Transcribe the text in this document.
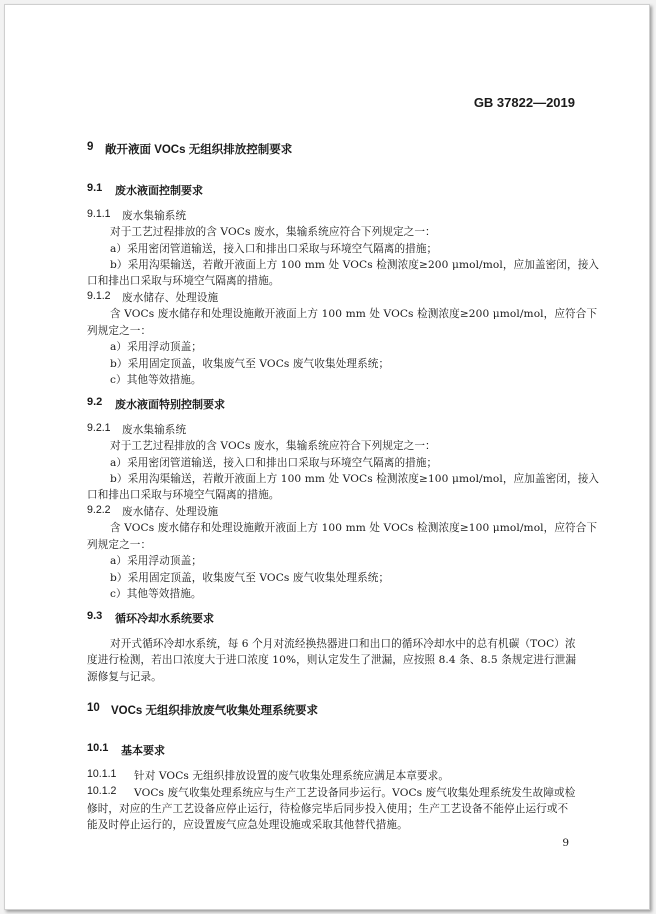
GB 37822—2019
9 敞开液面 VOCs 无组织排放控制要求
9.1 废水液面控制要求
9.1.1 废水集输系统
对于工艺过程排放的含 VOCs 废水，集输系统应符合下列规定之一：
a）采用密闭管道输送，接入口和排出口采取与环境空气隔离的措施；
b）采用沟渠输送，若敞开液面上方 100 mm 处 VOCs 检测浓度≥200 μmol/mol，应加盖密闭，接入
口和排出口采取与环境空气隔离的措施。
9.1.2 废水储存、处理设施
含 VOCs 废水储存和处理设施敞开液面上方 100 mm 处 VOCs 检测浓度≥200 μmol/mol，应符合下
列规定之一：
a）采用浮动顶盖；
b）采用固定顶盖，收集废气至 VOCs 废气收集处理系统；
c）其他等效措施。
9.2 废水液面特别控制要求
9.2.1 废水集输系统
对于工艺过程排放的含 VOCs 废水，集输系统应符合下列规定之一：
a）采用密闭管道输送，接入口和排出口采取与环境空气隔离的措施；
b）采用沟渠输送，若敞开液面上方 100 mm 处 VOCs 检测浓度≥100 μmol/mol，应加盖密闭，接入
口和排出口采取与环境空气隔离的措施。
9.2.2 废水储存、处理设施
含 VOCs 废水储存和处理设施敞开液面上方 100 mm 处 VOCs 检测浓度≥100 μmol/mol，应符合下
列规定之一：
a）采用浮动顶盖；
b）采用固定顶盖，收集废气至 VOCs 废气收集处理系统；
c）其他等效措施。
9.3 循环冷却水系统要求
对开式循环冷却水系统，每 6 个月对流经换热器进口和出口的循环冷却水中的总有机碳（TOC）浓
度进行检测，若出口浓度大于进口浓度 10%，则认定发生了泄漏，应按照 8.4 条、8.5 条规定进行泄漏
源修复与记录。
10 VOCs 无组织排放废气收集处理系统要求
10.1 基本要求
10.1.1 针对 VOCs 无组织排放设置的废气收集处理系统应满足本章要求。
10.1.2 VOCs 废气收集处理系统应与生产工艺设备同步运行。VOCs 废气收集处理系统发生故障或检
修时，对应的生产工艺设备应停止运行，待检修完毕后同步投入使用；生产工艺设备不能停止运行或不
能及时停止运行的，应设置废气应急处理设施或采取其他替代措施。
9
